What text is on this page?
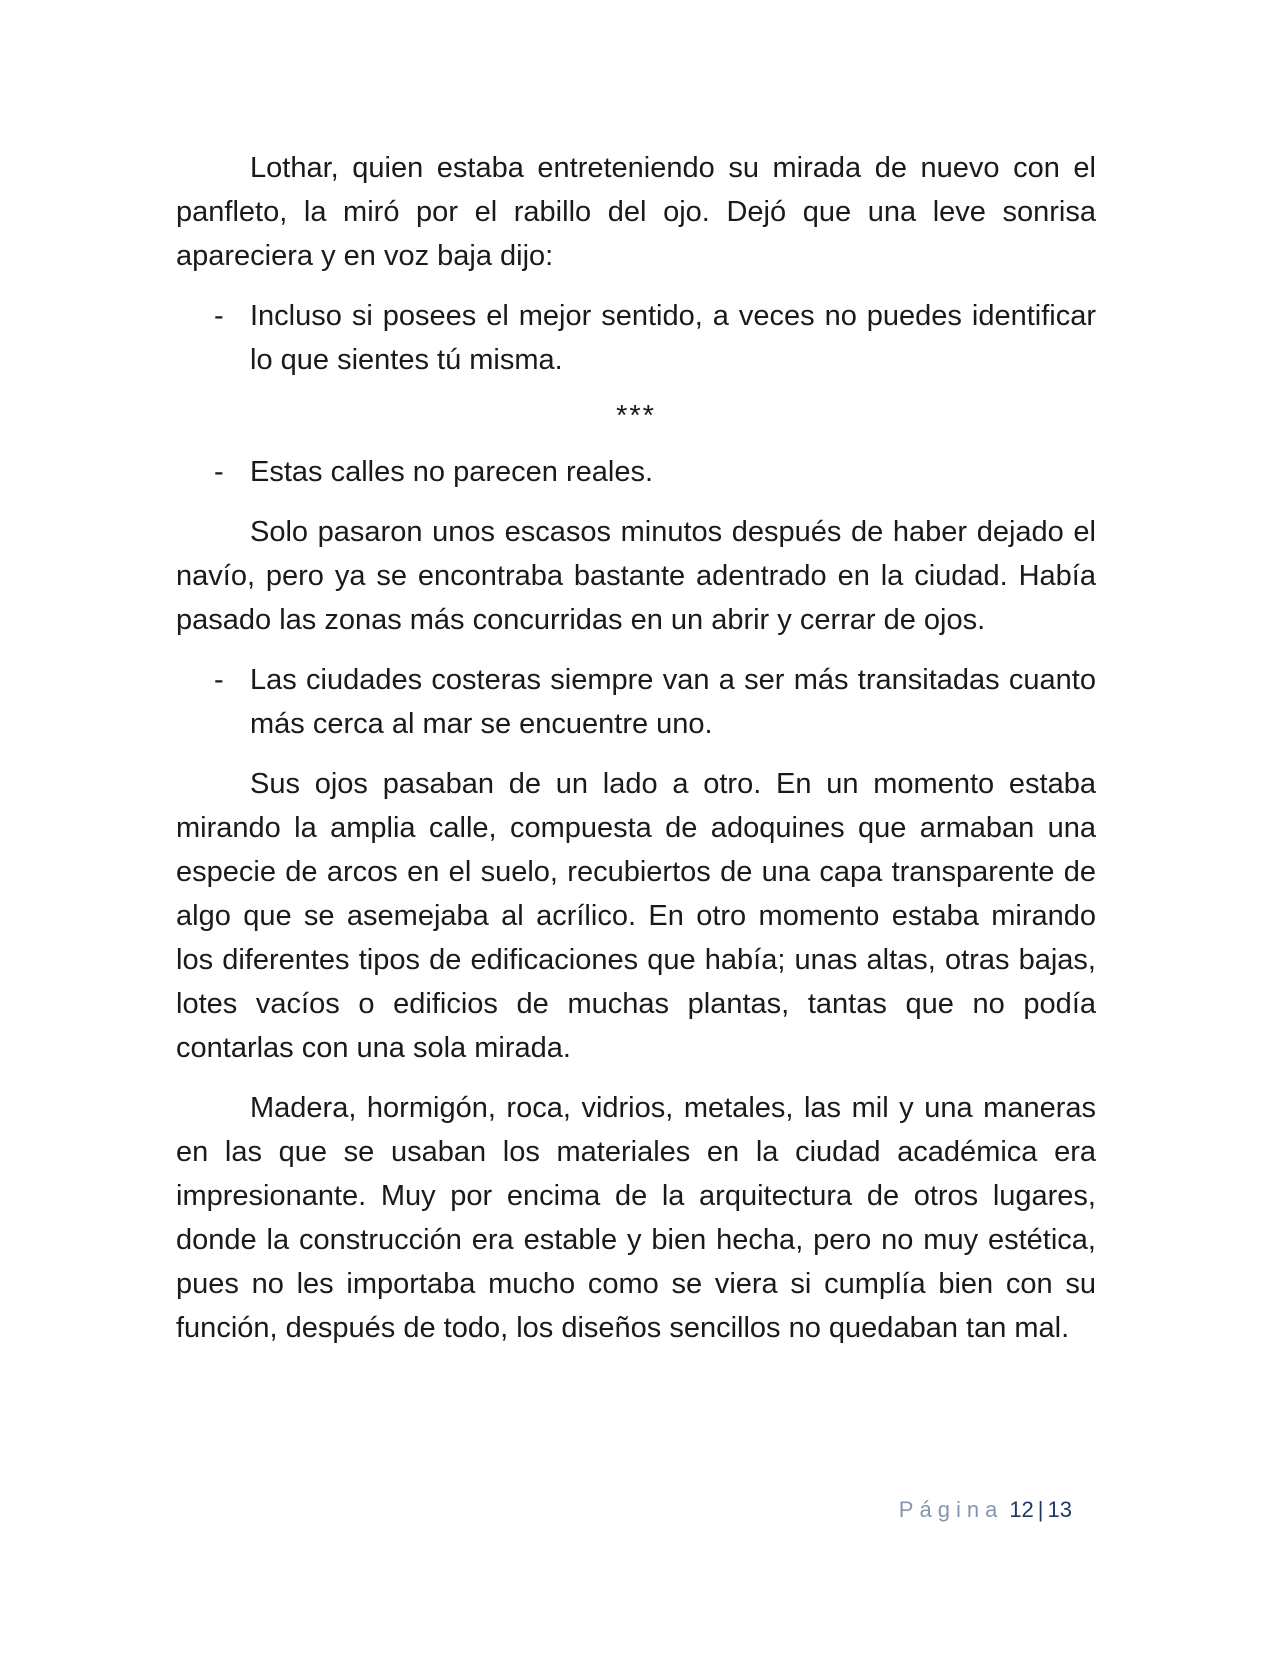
Lothar, quien estaba entreteniendo su mirada de nuevo con el panfleto, la miró por el rabillo del ojo. Dejó que una leve sonrisa apareciera y en voz baja dijo:

- Incluso si posees el mejor sentido, a veces no puedes identificar lo que sientes tú misma.
***
- Estas calles no parecen reales.

Solo pasaron unos escasos minutos después de haber dejado el navío, pero ya se encontraba bastante adentrado en la ciudad. Había pasado las zonas más concurridas en un abrir y cerrar de ojos.

- Las ciudades costeras siempre van a ser más transitadas cuanto más cerca al mar se encuentre uno.

Sus ojos pasaban de un lado a otro. En un momento estaba mirando la amplia calle, compuesta de adoquines que armaban una especie de arcos en el suelo, recubiertos de una capa transparente de algo que se asemejaba al acrílico. En otro momento estaba mirando los diferentes tipos de edificaciones que había; unas altas, otras bajas, lotes vacíos o edificios de muchas plantas, tantas que no podía contarlas con una sola mirada.

Madera, hormigón, roca, vidrios, metales, las mil y una maneras en las que se usaban los materiales en la ciudad académica era impresionante. Muy por encima de la arquitectura de otros lugares, donde la construcción era estable y bien hecha, pero no muy estética, pues no les importaba mucho como se viera si cumplía bien con su función, después de todo, los diseños sencillos no quedaban tan mal.

Página 12 | 13
